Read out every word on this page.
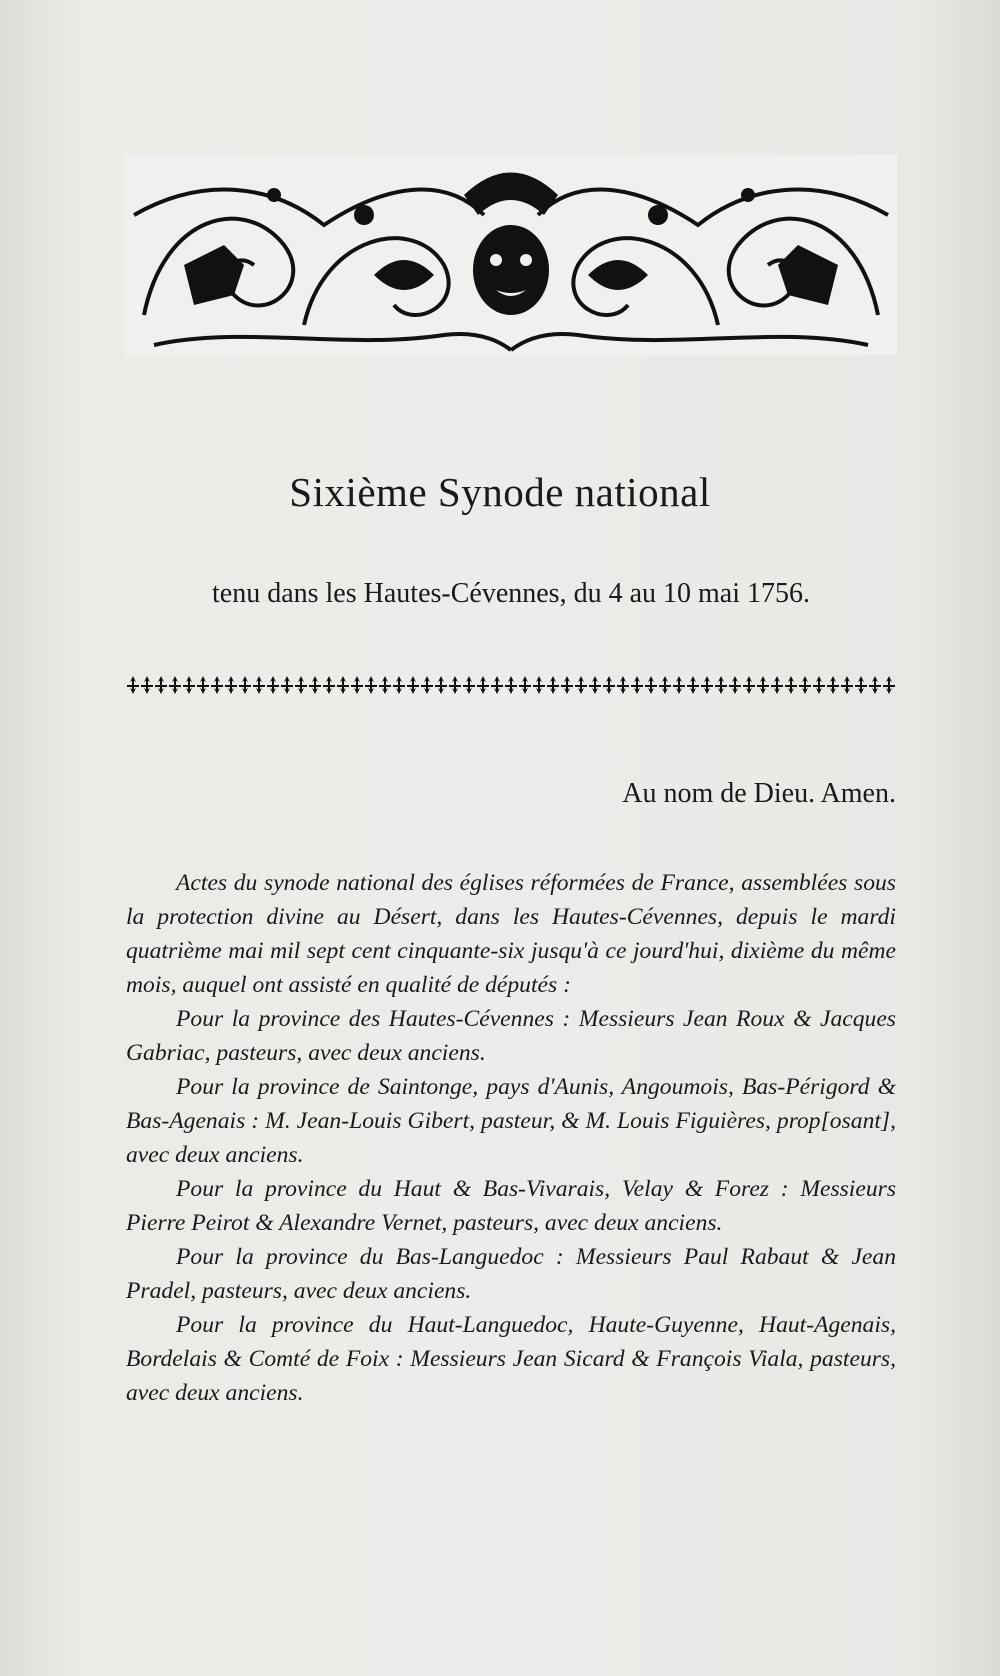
Sixième Synode national

tenu dans les Hautes-Cévennes, du 4 au 10 mai 1756.

Au nom de Dieu. Amen.

Actes du synode national des églises réformées de France, assemblées sous la protection divine au Désert, dans les Hautes-Cévennes, depuis le mardi quatrième mai mil sept cent cinquante-six jusqu'à ce jourd'hui, dixième du même mois, auquel ont assisté en qualité de députés :

Pour la province des Hautes-Cévennes : Messieurs Jean Roux & Jacques Gabriac, pasteurs, avec deux anciens.

Pour la province de Saintonge, pays d'Aunis, Angoumois, Bas-Périgord & Bas-Agenais : M. Jean-Louis Gibert, pasteur, & M. Louis Figuières, prop[osant], avec deux anciens.

Pour la province du Haut & Bas-Vivarais, Velay & Forez : Messieurs Pierre Peirot & Alexandre Vernet, pasteurs, avec deux anciens.

Pour la province du Bas-Languedoc : Messieurs Paul Rabaut & Jean Pradel, pasteurs, avec deux anciens.

Pour la province du Haut-Languedoc, Haute-Guyenne, Haut-Agenais, Bordelais & Comté de Foix : Messieurs Jean Sicard & François Viala, pasteurs, avec deux anciens.
